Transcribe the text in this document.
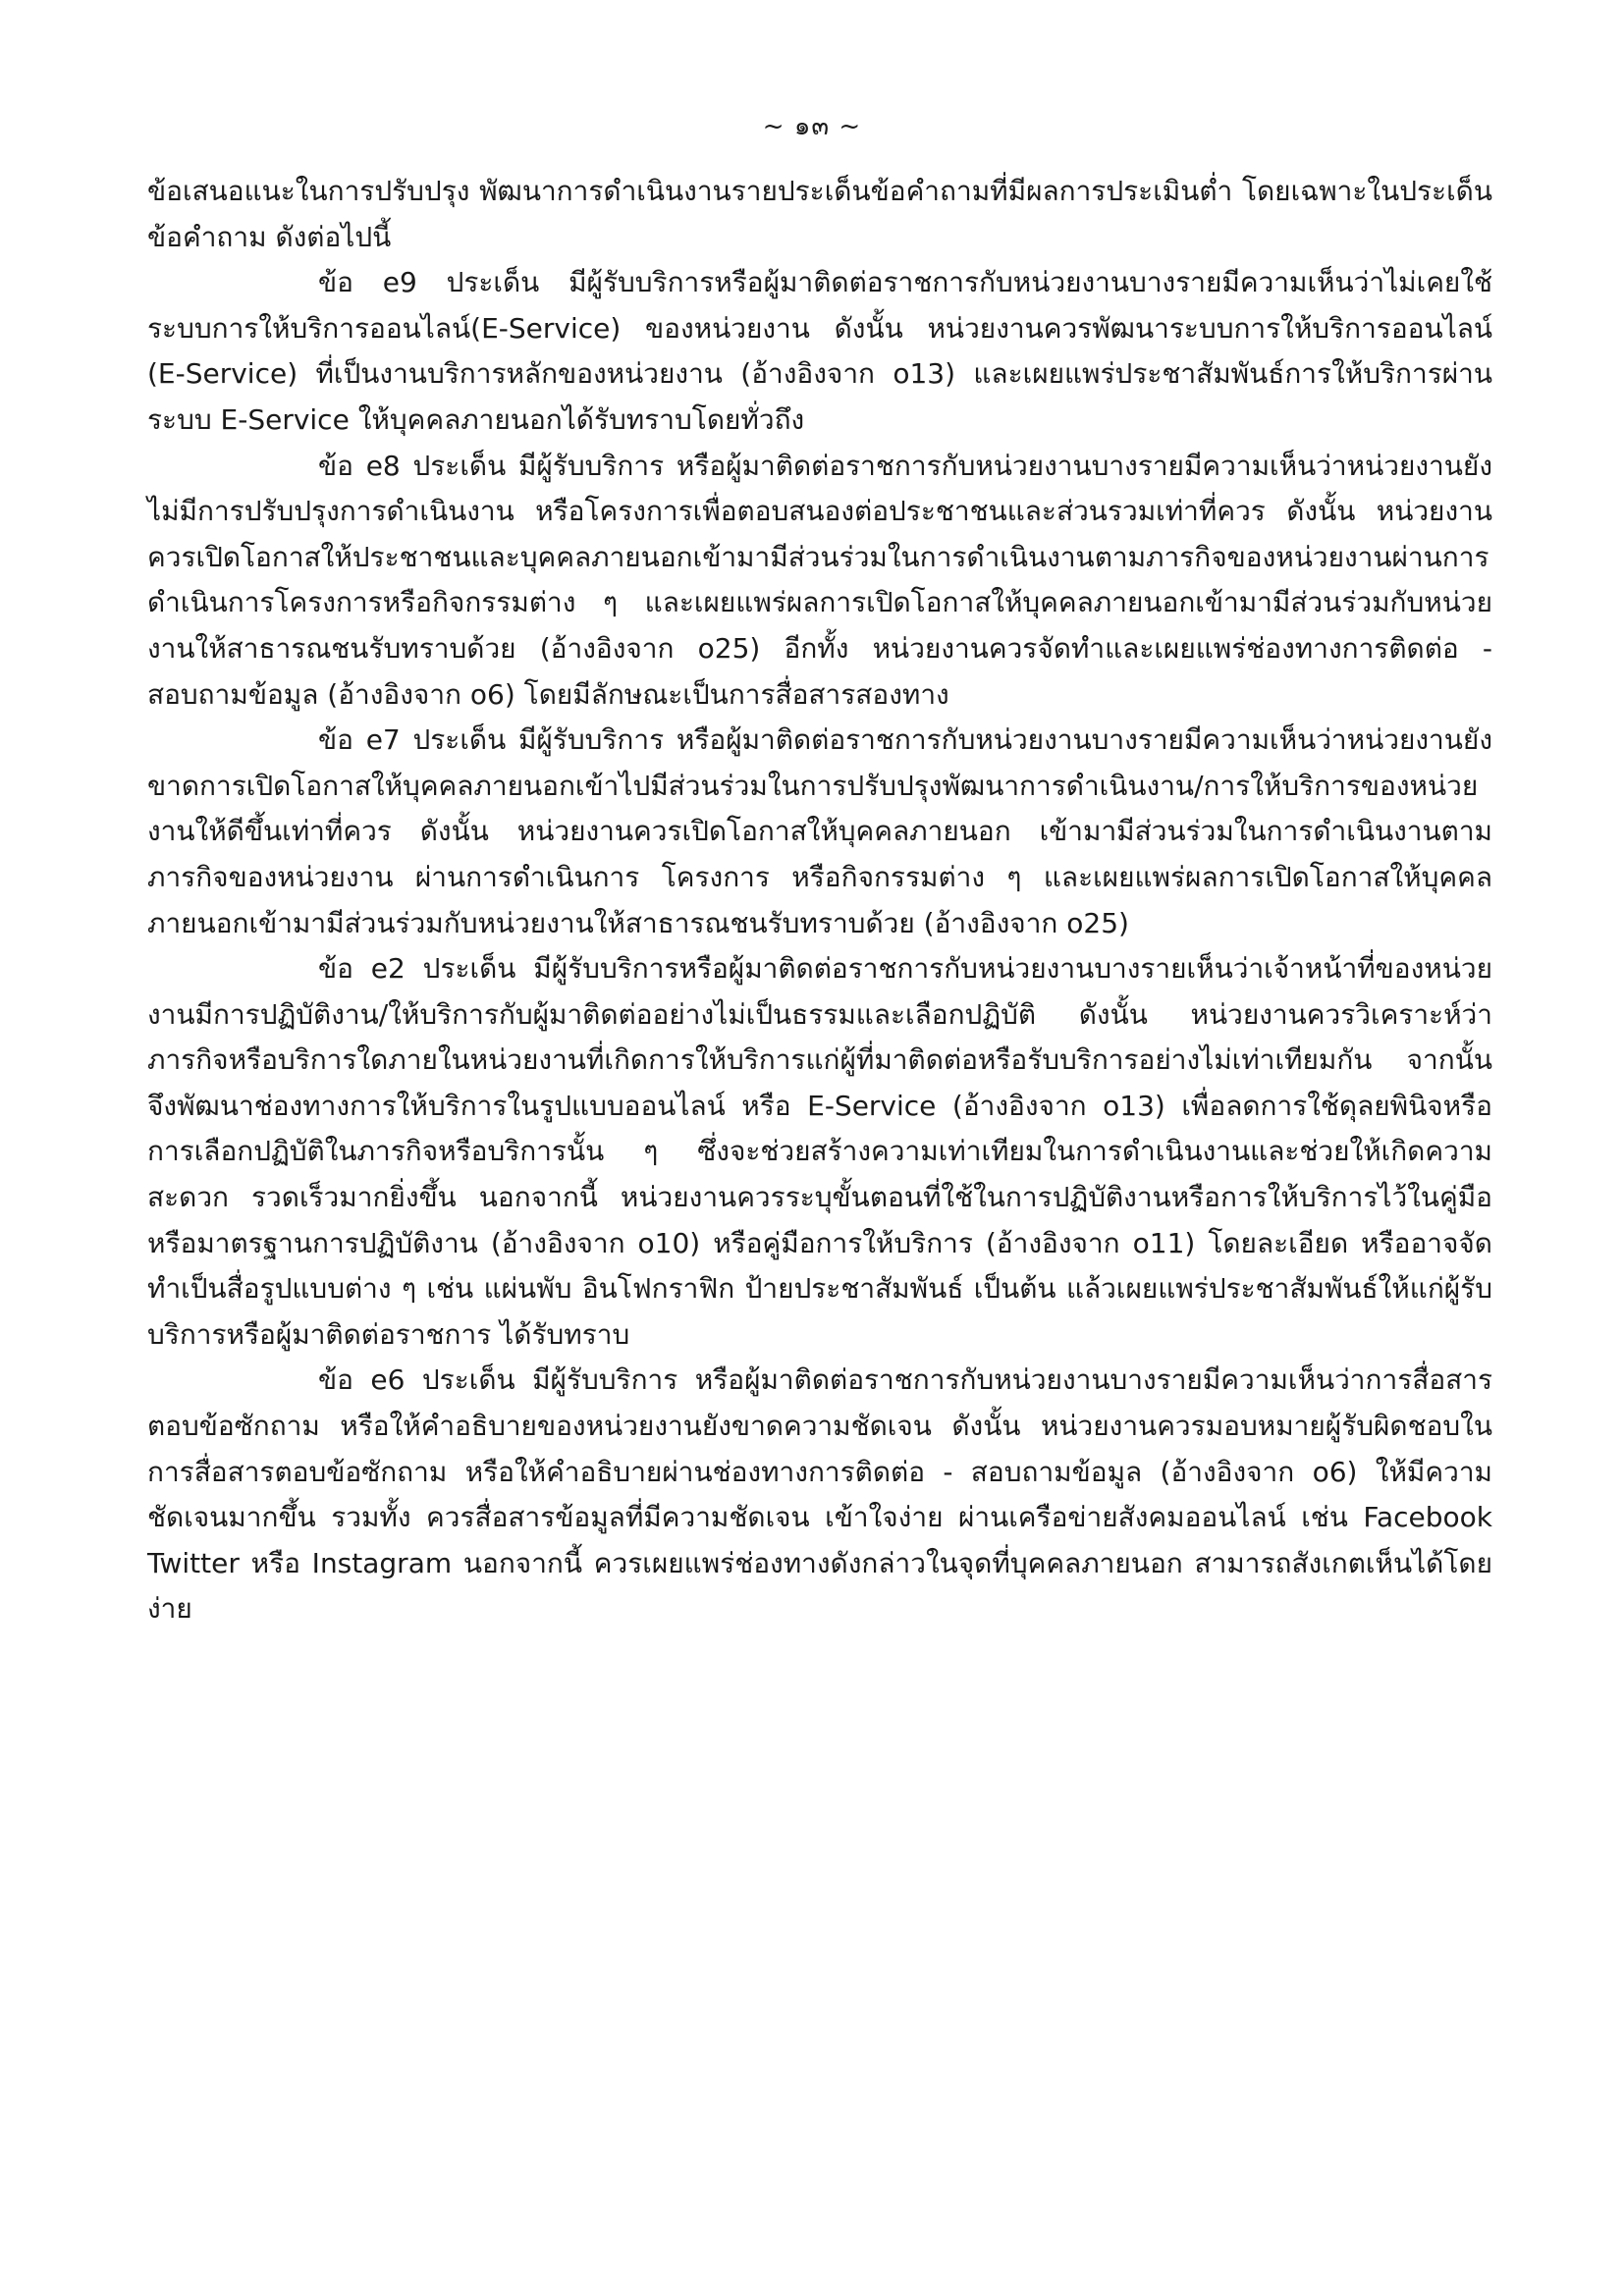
~ ๑๓ ~

ข้อเสนอแนะในการปรับปรุง พัฒนาการดำเนินงานรายประเด็นข้อคำถามที่มีผลการประเมินต่ำ โดยเฉพาะในประเด็นข้อคำถาม ดังต่อไปนี้

ข้อ e9 ประเด็น มีผู้รับบริการหรือผู้มาติดต่อราชการกับหน่วยงานบางรายมีความเห็นว่าไม่เคยใช้ระบบการให้บริการออนไลน์(E-Service) ของหน่วยงาน ดังนั้น หน่วยงานควรพัฒนาระบบการให้บริการออนไลน์ (E-Service) ที่เป็นงานบริการหลักของหน่วยงาน (อ้างอิงจาก o13) และเผยแพร่ประชาสัมพันธ์การให้บริการผ่านระบบ E-Service ให้บุคคลภายนอกได้รับทราบโดยทั่วถึง

ข้อ e8 ประเด็น มีผู้รับบริการ หรือผู้มาติดต่อราชการกับหน่วยงานบางรายมีความเห็นว่าหน่วยงานยังไม่มีการปรับปรุงการดำเนินงาน หรือโครงการเพื่อตอบสนองต่อประชาชนและส่วนรวมเท่าที่ควร ดังนั้น หน่วยงานควรเปิดโอกาสให้ประชาชนและบุคคลภายนอกเข้ามามีส่วนร่วมในการดำเนินงานตามภารกิจของหน่วยงานผ่านการดำเนินการโครงการหรือกิจกรรมต่าง ๆ และเผยแพร่ผลการเปิดโอกาสให้บุคคลภายนอกเข้ามามีส่วนร่วมกับหน่วยงานให้สาธารณชนรับทราบด้วย (อ้างอิงจาก o25) อีกทั้ง หน่วยงานควรจัดทำและเผยแพร่ช่องทางการติดต่อ - สอบถามข้อมูล (อ้างอิงจาก o6) โดยมีลักษณะเป็นการสื่อสารสองทาง

ข้อ e7 ประเด็น มีผู้รับบริการ หรือผู้มาติดต่อราชการกับหน่วยงานบางรายมีความเห็นว่าหน่วยงานยังขาดการเปิดโอกาสให้บุคคลภายนอกเข้าไปมีส่วนร่วมในการปรับปรุงพัฒนาการดำเนินงาน/การให้บริการของหน่วยงานให้ดีขึ้นเท่าที่ควร ดังนั้น หน่วยงานควรเปิดโอกาสให้บุคคลภายนอก เข้ามามีส่วนร่วมในการดำเนินงานตามภารกิจของหน่วยงาน ผ่านการดำเนินการ โครงการ หรือกิจกรรมต่าง ๆ และเผยแพร่ผลการเปิดโอกาสให้บุคคลภายนอกเข้ามามีส่วนร่วมกับหน่วยงานให้สาธารณชนรับทราบด้วย (อ้างอิงจาก o25)

ข้อ e2 ประเด็น มีผู้รับบริการหรือผู้มาติดต่อราชการกับหน่วยงานบางรายเห็นว่าเจ้าหน้าที่ของหน่วยงานมีการปฏิบัติงาน/ให้บริการกับผู้มาติดต่ออย่างไม่เป็นธรรมและเลือกปฏิบัติ ดังนั้น หน่วยงานควรวิเคราะห์ว่าภารกิจหรือบริการใดภายในหน่วยงานที่เกิดการให้บริการแก่ผู้ที่มาติดต่อหรือรับบริการอย่างไม่เท่าเทียมกัน จากนั้นจึงพัฒนาช่องทางการให้บริการในรูปแบบออนไลน์ หรือ E-Service (อ้างอิงจาก o13) เพื่อลดการใช้ดุลยพินิจหรือการเลือกปฏิบัติในภารกิจหรือบริการนั้น ๆ ซึ่งจะช่วยสร้างความเท่าเทียมในการดำเนินงานและช่วยให้เกิดความสะดวก รวดเร็วมากยิ่งขึ้น นอกจากนี้ หน่วยงานควรระบุขั้นตอนที่ใช้ในการปฏิบัติงานหรือการให้บริการไว้ในคู่มือหรือมาตรฐานการปฏิบัติงาน (อ้างอิงจาก o10) หรือคู่มือการให้บริการ (อ้างอิงจาก o11) โดยละเอียด หรืออาจจัดทำเป็นสื่อรูปแบบต่าง ๆ เช่น แผ่นพับ อินโฟกราฟิก ป้ายประชาสัมพันธ์ เป็นต้น แล้วเผยแพร่ประชาสัมพันธ์ให้แก่ผู้รับบริการหรือผู้มาติดต่อราชการ ได้รับทราบ

ข้อ e6 ประเด็น มีผู้รับบริการ หรือผู้มาติดต่อราชการกับหน่วยงานบางรายมีความเห็นว่าการสื่อสารตอบข้อซักถาม หรือให้คำอธิบายของหน่วยงานยังขาดความชัดเจน ดังนั้น หน่วยงานควรมอบหมายผู้รับผิดชอบในการสื่อสารตอบข้อซักถาม หรือให้คำอธิบายผ่านช่องทางการติดต่อ - สอบถามข้อมูล (อ้างอิงจาก o6) ให้มีความชัดเจนมากขึ้น รวมทั้ง ควรสื่อสารข้อมูลที่มีความชัดเจน เข้าใจง่าย ผ่านเครือข่ายสังคมออนไลน์ เช่น Facebook Twitter หรือ Instagram นอกจากนี้ ควรเผยแพร่ช่องทางดังกล่าวในจุดที่บุคคลภายนอก สามารถสังเกตเห็นได้โดยง่าย
